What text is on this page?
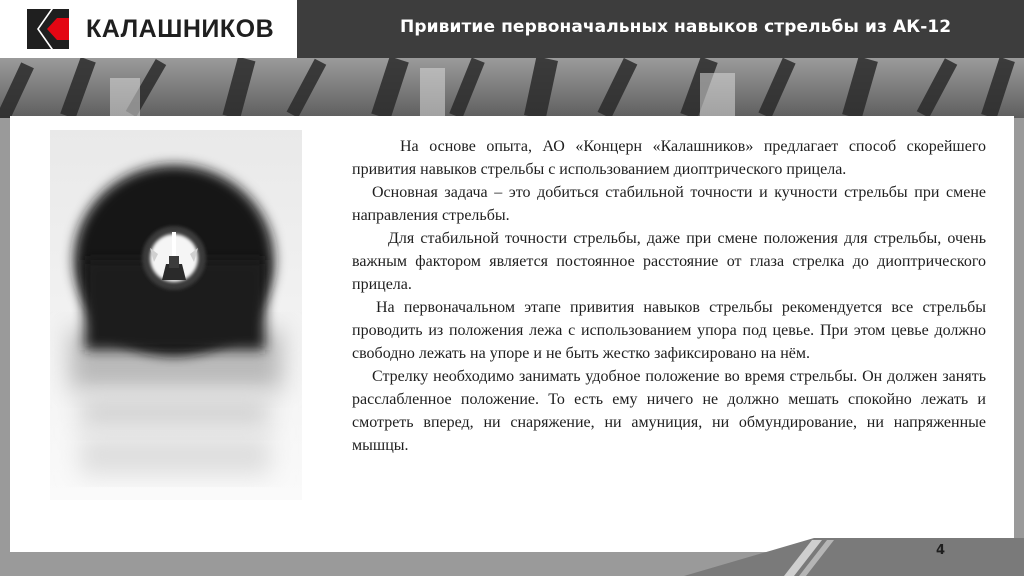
КАЛАШНИКОВ	Привитие первоначальных навыков стрельбы из АК-12

На основе опыта, АО «Концерн «Калашников» предлагает способ скорейшего привития навыков стрельбы с использованием диоптрического прицела.

Основная задача – это добиться стабильной точности и кучности стрельбы при смене направления стрельбы.

Для стабильной точности стрельбы, даже при смене положения для стрельбы, очень важным фактором является постоянное расстояние от глаза стрелка до диоптрического прицела.

На первоначальном этапе привития навыков стрельбы рекомендуется все стрельбы проводить из положения лежа с использованием упора под цевье. При этом цевье должно свободно лежать на упоре и не быть жестко зафиксировано на нём.

Стрелку необходимо занимать удобное положение во время стрельбы. Он должен занять расслабленное положение. То есть ему ничего не должно мешать спокойно лежать и смотреть вперед, ни снаряжение, ни амуниция, ни обмундирование, ни напряженные мышцы.

4
